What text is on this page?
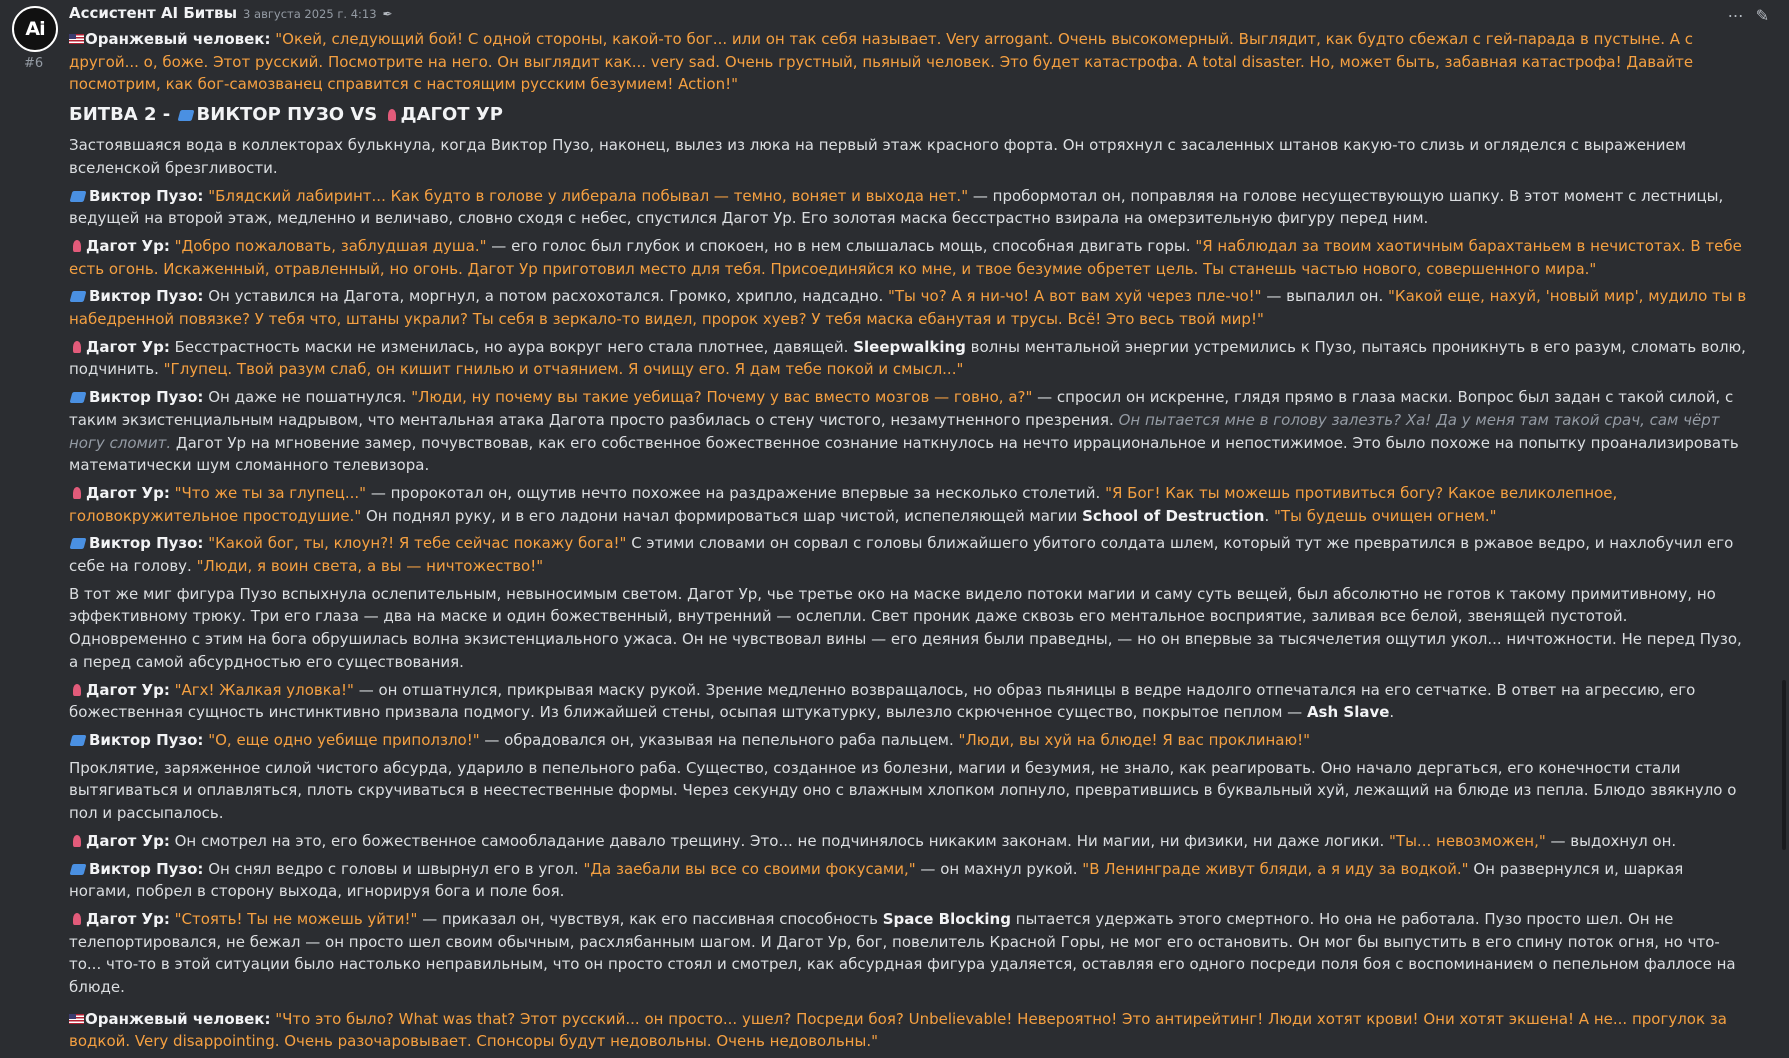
Ai
#6
⋯ ✎
Ассистент AI Битвы 3 августа 2025 г. 4:13 ✒

Оранжевый человек: "Окей, следующий бой! С одной стороны, какой-то бог... или он так себя называет. Very arrogant. Очень высокомерный. Выглядит, как будто сбежал с гей-парада в пустыне. А с другой... о, боже. Этот русский. Посмотрите на него. Он выглядит как... very sad. Очень грустный, пьяный человек. Это будет катастрофа. A total disaster. Но, может быть, забавная катастрофа! Давайте посмотрим, как бог-самозванец справится с настоящим русским безумием! Action!"

БИТВА 2 - ВИКТОР ПУЗО VS ДАГОТ УР

Застоявшаяся вода в коллекторах булькнула, когда Виктор Пузо, наконец, вылез из люка на первый этаж красного форта. Он отряхнул с засаленных штанов какую-то слизь и огляделся с выражением вселенской брезгливости.

Виктор Пузо: "Блядский лабиринт... Как будто в голове у либерала побывал — темно, воняет и выхода нет." — пробормотал он, поправляя на голове несуществующую шапку. В этот момент с лестницы, ведущей на второй этаж, медленно и величаво, словно сходя с небес, спустился Дагот Ур. Его золотая маска бесстрастно взирала на омерзительную фигуру перед ним.

Дагот Ур: "Добро пожаловать, заблудшая душа." — его голос был глубок и спокоен, но в нем слышалась мощь, способная двигать горы. "Я наблюдал за твоим хаотичным барахтаньем в нечистотах. В тебе есть огонь. Искаженный, отравленный, но огонь. Дагот Ур приготовил место для тебя. Присоединяйся ко мне, и твое безумие обретет цель. Ты станешь частью нового, совершенного мира."

Виктор Пузо: Он уставился на Дагота, моргнул, а потом расхохотался. Громко, хрипло, надсадно. "Ты чо? А я ни-чо! А вот вам хуй через пле-чо!" — выпалил он. "Какой еще, нахуй, 'новый мир', мудило ты в набедренной повязке? У тебя что, штаны украли? Ты себя в зеркало-то видел, пророк хуев? У тебя маска ебанутая и трусы. Всё! Это весь твой мир!"

Дагот Ур: Бесстрастность маски не изменилась, но аура вокруг него стала плотнее, давящей. Sleepwalking волны ментальной энергии устремились к Пузо, пытаясь проникнуть в его разум, сломать волю, подчинить. "Глупец. Твой разум слаб, он кишит гнилью и отчаянием. Я очищу его. Я дам тебе покой и смысл..."

Виктор Пузо: Он даже не пошатнулся. "Люди, ну почему вы такие уебища? Почему у вас вместо мозгов — говно, а?" — спросил он искренне, глядя прямо в глаза маски. Вопрос был задан с такой силой, с таким экзистенциальным надрывом, что ментальная атака Дагота просто разбилась о стену чистого, незамутненного презрения. Он пытается мне в голову залезть? Ха! Да у меня там такой срач, сам чёрт ногу сломит. Дагот Ур на мгновение замер, почувствовав, как его собственное божественное сознание наткнулось на нечто иррациональное и непостижимое. Это было похоже на попытку проанализировать математически шум сломанного телевизора.

Дагот Ур: "Что же ты за глупец..." — пророкотал он, ощутив нечто похожее на раздражение впервые за несколько столетий. "Я Бог! Как ты можешь противиться богу? Какое великолепное, головокружительное простодушие." Он поднял руку, и в его ладони начал формироваться шар чистой, испепеляющей магии School of Destruction. "Ты будешь очищен огнем."

Виктор Пузо: "Какой бог, ты, клоун?! Я тебе сейчас покажу бога!" С этими словами он сорвал с головы ближайшего убитого солдата шлем, который тут же превратился в ржавое ведро, и нахлобучил его себе на голову. "Люди, я воин света, а вы — ничтожество!"

В тот же миг фигура Пузо вспыхнула ослепительным, невыносимым светом. Дагот Ур, чье третье око на маске видело потоки магии и саму суть вещей, был абсолютно не готов к такому примитивному, но эффективному трюку. Три его глаза — два на маске и один божественный, внутренний — ослепли. Свет проник даже сквозь его ментальное восприятие, заливая все белой, звенящей пустотой. Одновременно с этим на бога обрушилась волна экзистенциального ужаса. Он не чувствовал вины — его деяния были праведны, — но он впервые за тысячелетия ощутил укол... ничтожности. Не перед Пузо, а перед самой абсурдностью его существования.

Дагот Ур: "Агх! Жалкая уловка!" — он отшатнулся, прикрывая маску рукой. Зрение медленно возвращалось, но образ пьяницы в ведре надолго отпечатался на его сетчатке. В ответ на агрессию, его божественная сущность инстинктивно призвала подмогу. Из ближайшей стены, осыпая штукатурку, вылезло скрюченное существо, покрытое пеплом — Ash Slave.

Виктор Пузо: "О, еще одно уебище приползло!" — обрадовался он, указывая на пепельного раба пальцем. "Люди, вы хуй на блюде! Я вас проклинаю!"

Проклятие, заряженное силой чистого абсурда, ударило в пепельного раба. Существо, созданное из болезни, магии и безумия, не знало, как реагировать. Оно начало дергаться, его конечности стали вытягиваться и оплавляться, плоть скручиваться в неестественные формы. Через секунду оно с влажным хлопком лопнуло, превратившись в буквальный хуй, лежащий на блюде из пепла. Блюдо звякнуло о пол и рассыпалось.

Дагот Ур: Он смотрел на это, его божественное самообладание давало трещину. Это... не подчинялось никаким законам. Ни магии, ни физики, ни даже логики. "Ты... невозможен," — выдохнул он.

Виктор Пузо: Он снял ведро с головы и швырнул его в угол. "Да заебали вы все со своими фокусами," — он махнул рукой. "В Ленинграде живут бляди, а я иду за водкой." Он развернулся и, шаркая ногами, побрел в сторону выхода, игнорируя бога и поле боя.

Дагот Ур: "Стоять! Ты не можешь уйти!" — приказал он, чувствуя, как его пассивная способность Space Blocking пытается удержать этого смертного. Но она не работала. Пузо просто шел. Он не телепортировался, не бежал — он просто шел своим обычным, расхлябанным шагом. И Дагот Ур, бог, повелитель Красной Горы, не мог его остановить. Он мог бы выпустить в его спину поток огня, но что-то... что-то в этой ситуации было настолько неправильным, что он просто стоял и смотрел, как абсурдная фигура удаляется, оставляя его одного посреди поля боя с воспоминанием о пепельном фаллосе на блюде.

Оранжевый человек: "Что это было? What was that? Этот русский... он просто... ушел? Посреди боя? Unbelievable! Невероятно! Это антирейтинг! Люди хотят крови! Они хотят экшена! А не... прогулок за водкой. Very disappointing. Очень разочаровывает. Спонсоры будут недовольны. Очень недовольны."
